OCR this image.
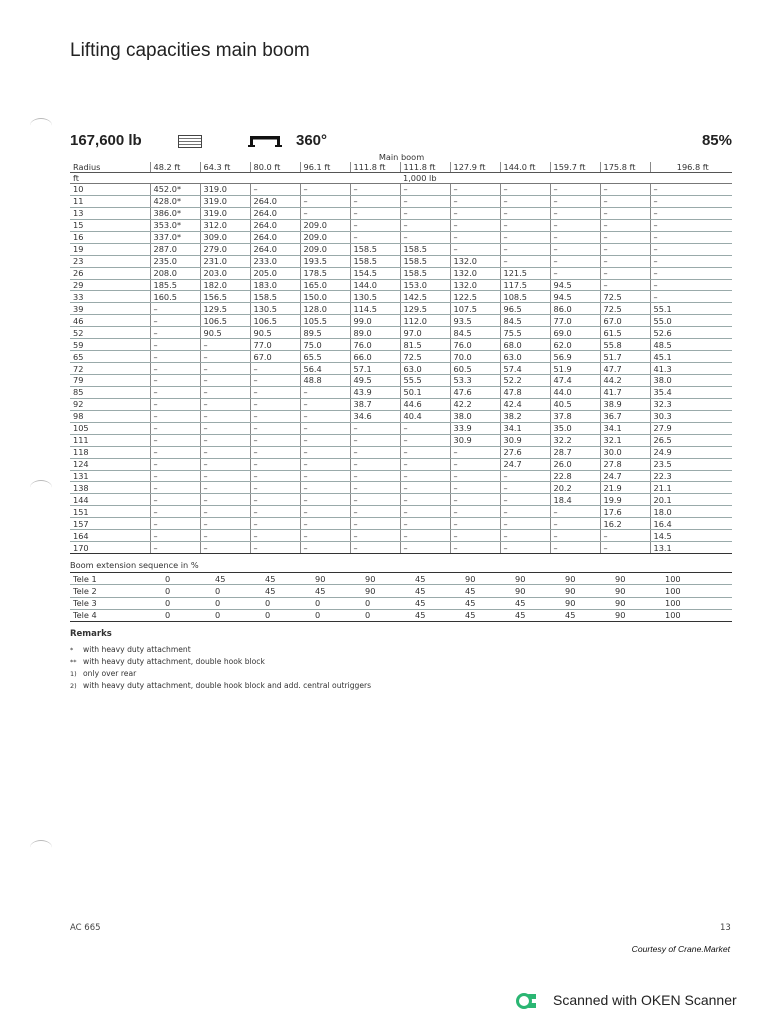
Lifting capacities main boom
167,600 lb	360°	85%
					Main boom						
Radius	48.2 ft	64.3 ft	80.0 ft	96.1 ft	111.8 ft	111.8 ft	127.9 ft	144.0 ft	159.7 ft	175.8 ft	196.8 ft
ft						1,000 lb					
10	452.0*	319.0	–	–	–	–	–	–	–	–	–
11	428.0*	319.0	264.0	–	–	–	–	–	–	–	–
13	386.0*	319.0	264.0	–	–	–	–	–	–	–	–
15	353.0*	312.0	264.0	209.0	–	–	–	–	–	–	–
16	337.0*	309.0	264.0	209.0	–	–	–	–	–	–	–
19	287.0	279.0	264.0	209.0	158.5	158.5	–	–	–	–	–
23	235.0	231.0	233.0	193.5	158.5	158.5	132.0	–	–	–	–
26	208.0	203.0	205.0	178.5	154.5	158.5	132.0	121.5	–	–	–
29	185.5	182.0	183.0	165.0	144.0	153.0	132.0	117.5	94.5	–	–
33	160.5	156.5	158.5	150.0	130.5	142.5	122.5	108.5	94.5	72.5	–
39	–	129.5	130.5	128.0	114.5	129.5	107.5	96.5	86.0	72.5	55.1
46	–	106.5	106.5	105.5	99.0	112.0	93.5	84.5	77.0	67.0	55.0
52	–	90.5	90.5	89.5	89.0	97.0	84.5	75.5	69.0	61.5	52.6
59	–	–	77.0	75.0	76.0	81.5	76.0	68.0	62.0	55.8	48.5
65	–	–	67.0	65.5	66.0	72.5	70.0	63.0	56.9	51.7	45.1
72	–	–	–	56.4	57.1	63.0	60.5	57.4	51.9	47.7	41.3
79	–	–	–	48.8	49.5	55.5	53.3	52.2	47.4	44.2	38.0
85	–	–	–	–	43.9	50.1	47.6	47.8	44.0	41.7	35.4
92	–	–	–	–	38.7	44.6	42.2	42.4	40.5	38.9	32.3
98	–	–	–	–	34.6	40.4	38.0	38.2	37.8	36.7	30.3
105	–	–	–	–	–	–	33.9	34.1	35.0	34.1	27.9
111	–	–	–	–	–	–	30.9	30.9	32.2	32.1	26.5
118	–	–	–	–	–	–	–	27.6	28.7	30.0	24.9
124	–	–	–	–	–	–	–	24.7	26.0	27.8	23.5
131	–	–	–	–	–	–	–	–	22.8	24.7	22.3
138	–	–	–	–	–	–	–	–	20.2	21.9	21.1
144	–	–	–	–	–	–	–	–	18.4	19.9	20.1
151	–	–	–	–	–	–	–	–	–	17.6	18.0
157	–	–	–	–	–	–	–	–	–	16.2	16.4
164	–	–	–	–	–	–	–	–	–	–	14.5
170	–	–	–	–	–	–	–	–	–	–	13.1
Boom extension sequence in %
Tele 1	0	45	45	90	90	45	90	90	90	90	100
Tele 2	0	0	45	45	90	45	45	90	90	90	100
Tele 3	0	0	0	0	0	45	45	45	90	90	100
Tele 4	0	0	0	0	0	45	45	45	45	90	100
Remarks
* with heavy duty attachment
** with heavy duty attachment, double hook block
1) only over rear
2) with heavy duty attachment, double hook block and add. central outriggers
AC 665	13
Courtesy of Crane.Market
Scanned with OKEN Scanner
